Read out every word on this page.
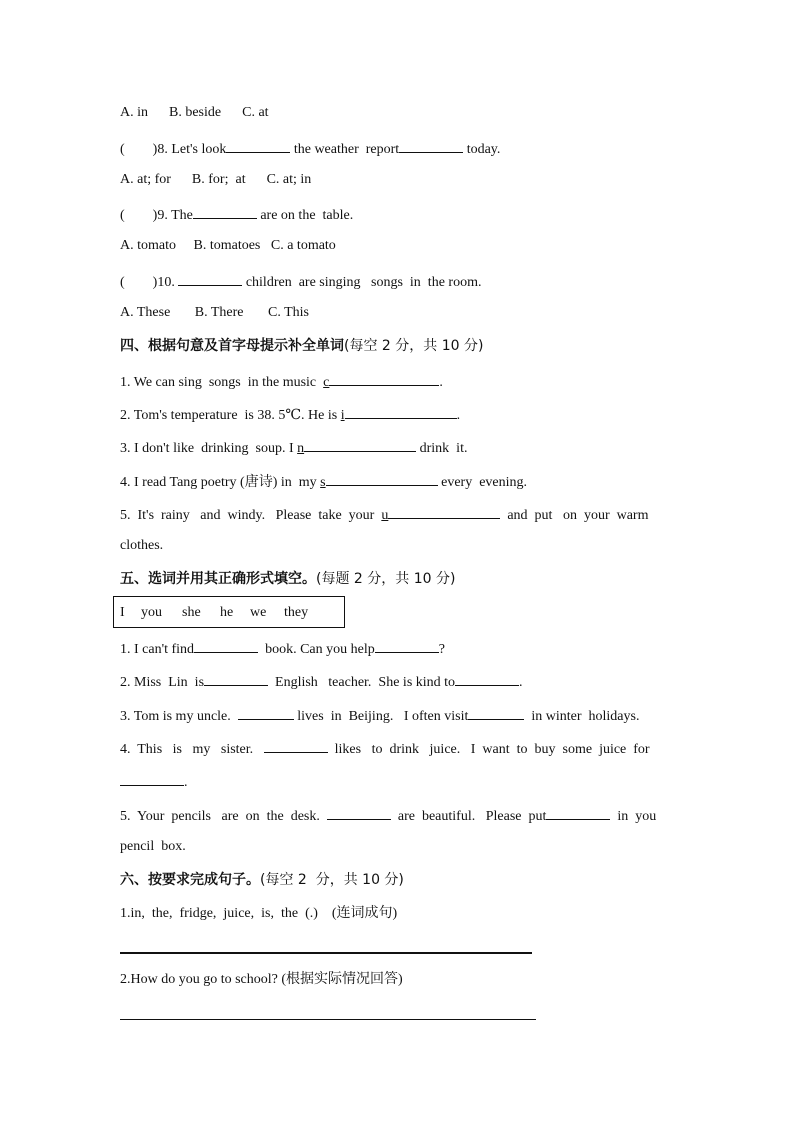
A. in      B. beside      C. at
(        )8. Let's look	the weather  report	today.
A. at; for      B. for;  at      C. at; in
(        )9. The	are on the  table.
A. tomato     B. tomatoes   C. a tomato
(        )10.	children  are singing   songs  in  the room.
A. These       B. There       C. This
四、根据句意及首字母提示补全单词(每空 2 分，共 10 分)
1. We can sing  songs  in the music  c	.
2. Tom's temperature  is 38. 5℃. He is i	.
3. I don't like  drinking  soup. I n	drink  it.
4. I read Tang poetry (唐诗) in  my s	every  evening.
5.  It's  rainy   and  windy.   Please  take  your  u	and  put   on  your  warm
clothes.
五、选词并用其正确形式填空。(每题 2 分，共 10 分)
I you she he we they
1. I can't find	book. Can you help	?
2. Miss  Lin  is	English   teacher.  She is kind to	.
3. Tom is my uncle.	lives  in  Beijing.   I often visit	in winter  holidays.
4.  This   is   my   sister.	likes   to  drink   juice.   I  want  to  buy  some  juice  for
.
5.  Your  pencils   are  on  the  desk.	are  beautiful.   Please  put	in  you
pencil  box.
六、按要求完成句子。(每空 2  分，共 10 分)
1.in,  the,  fridge,  juice,  is,  the  (.)    (连词成句)
2.How do you go to school? (根据实际情况回答)
